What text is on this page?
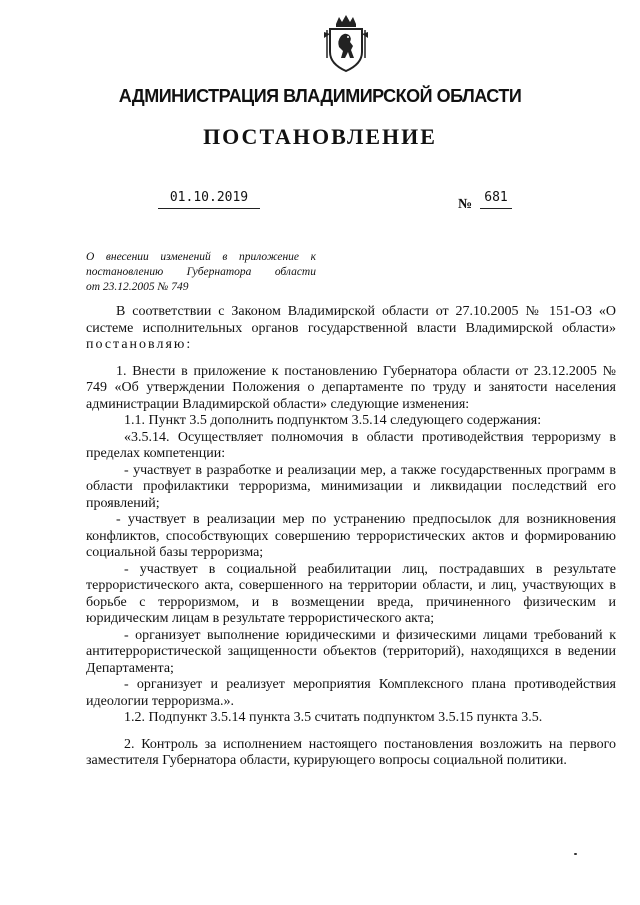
АДМИНИСТРАЦИЯ ВЛАДИМИРСКОЙ ОБЛАСТИ
ПОСТАНОВЛЕНИЕ
01.10.2019	№ 681
О внесении изменений в приложение к
постановлению Губернатора области
от 23.12.2005 № 749

В соответствии с Законом Владимирской области от 27.10.2005 № 151-ОЗ «О системе исполнительных органов государственной власти Владимирской области» постановляю:

1. Внести в приложение к постановлению Губернатора области от 23.12.2005 № 749 «Об утверждении Положения о департаменте по труду и занятости населения администрации Владимирской области» следующие изменения:

1.1. Пункт 3.5 дополнить подпунктом 3.5.14 следующего содержания:

«3.5.14. Осуществляет полномочия в области противодействия терроризму в пределах компетенции:

- участвует в разработке и реализации мер, а также государственных программ в области профилактики терроризма, минимизации и ликвидации последствий его проявлений;

- участвует в реализации мер по устранению предпосылок для возникновения конфликтов, способствующих совершению террористических актов и формированию социальной базы терроризма;

- участвует в социальной реабилитации лиц, пострадавших в результате террористического акта, совершенного на территории области, и лиц, участвующих в борьбе с терроризмом, и в возмещении вреда, причиненного физическим и юридическим лицам в результате террористического акта;

- организует выполнение юридическими и физическими лицами требований к антитеррористической защищенности объектов (территорий), находящихся в ведении Департамента;

- организует и реализует мероприятия Комплексного плана противодействия идеологии терроризма.».

1.2. Подпункт 3.5.14 пункта 3.5 считать подпунктом 3.5.15 пункта 3.5.

2. Контроль за исполнением настоящего постановления возложить на первого заместителя Губернатора области, курирующего вопросы социальной политики.
